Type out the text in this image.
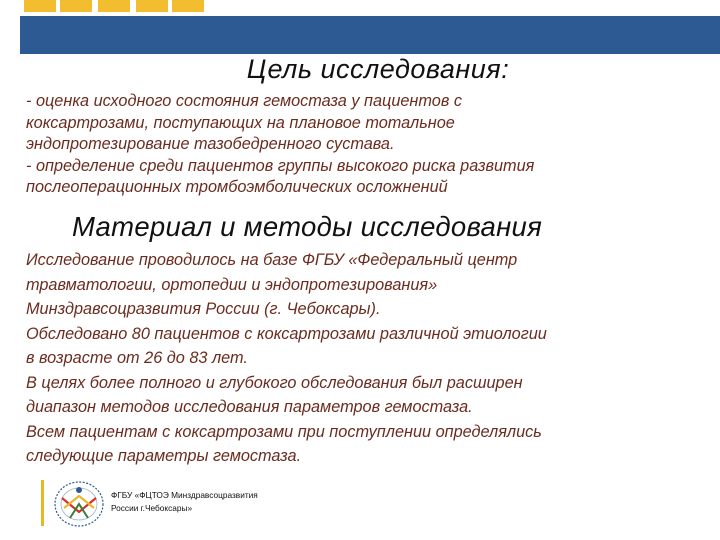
Цель исследования:

- оценка исходного состояния гемостаза у пациентов с

коксартрозами, поступающих на плановое тотальное

эндопротезирование тазобедренного сустава.

- определение среди пациентов группы высокого риска развития

послеоперационных тромбоэмболических осложнений

Материал и методы исследования

Исследование проводилось на базе ФГБУ «Федеральный центр

травматологии, ортопедии и эндопротезирования»

Минздравсоцразвития России (г. Чебоксары).

Обследовано 80 пациентов с коксартрозами различной этиологии

в возрасте от 26 до 83 лет.

В целях более полного и глубокого обследования был расширен

диапазон методов исследования параметров гемостаза.

Всем пациентам с коксартрозами при поступлении определялись

следующие параметры гемостаза.

ФГБУ «ФЦТОЭ Минздравсоцразвития
России г.Чебоксары»
